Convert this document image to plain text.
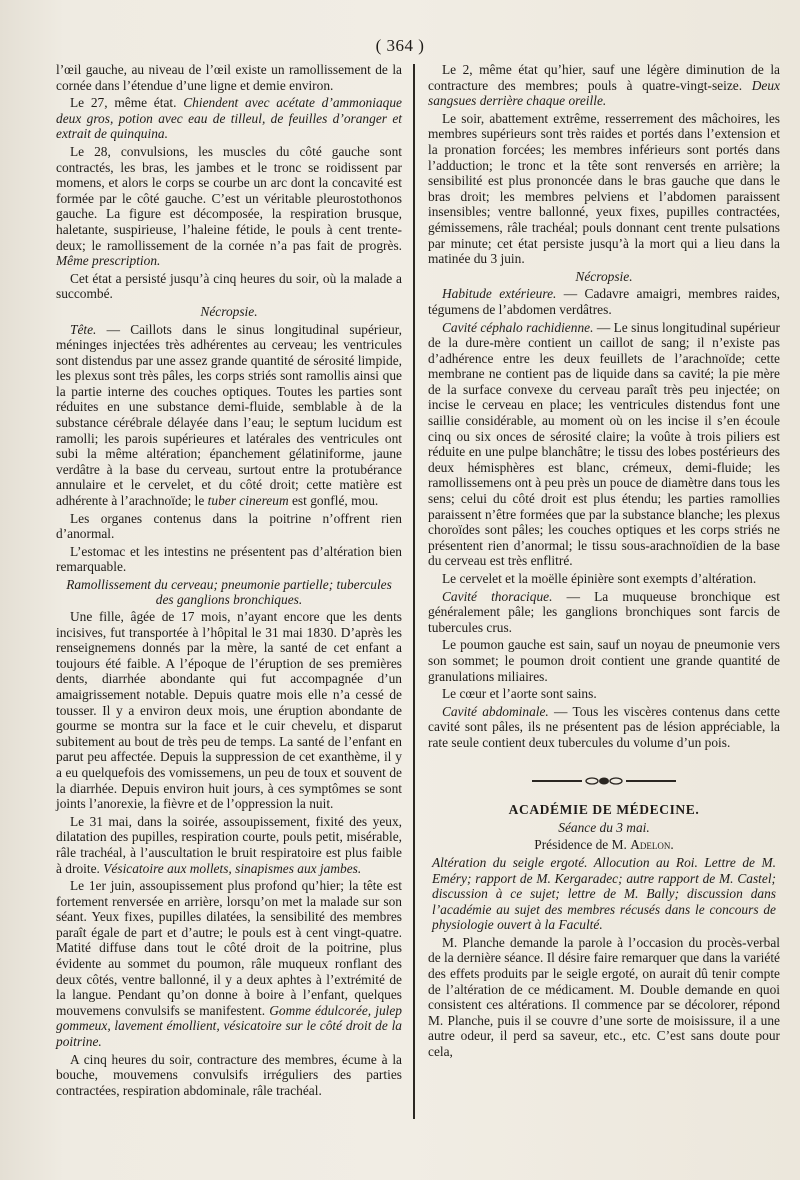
( 364 )

l’œil gauche, au niveau de l’œil existe un ramollissement de la cornée dans l’étendue d’une ligne et demie environ.

Le 27, même état. Chiendent avec acétate d’ammoniaque deux gros, potion avec eau de tilleul, de feuilles d’oranger et extrait de quinquina.

Le 28, convulsions, les muscles du côté gauche sont contractés, les bras, les jambes et le tronc se roidissent par momens, et alors le corps se courbe un arc dont la concavité est formée par le côté gauche. C’est un véritable pleurostothonos gauche. La figure est décomposée, la respiration brusque, haletante, suspirieuse, l’haleine fétide, le pouls à cent trente-deux; le ramollissement de la cornée n’a pas fait de progrès. Même prescription.

Cet état a persisté jusqu’à cinq heures du soir, où la malade a succombé.

Nécropsie.

Tête. — Caillots dans le sinus longitudinal supérieur, méninges injectées très adhérentes au cerveau; les ventricules sont distendus par une assez grande quantité de sérosité limpide, les plexus sont très pâles, les corps striés sont ramollis ainsi que la partie interne des couches optiques. Toutes les parties sont réduites en une substance demi-fluide, semblable à de la substance cérébrale délayée dans l’eau; le septum lucidum est ramolli; les parois supérieures et latérales des ventricules ont subi la même altération; épanchement gélatiniforme, jaune verdâtre à la base du cerveau, surtout entre la protubérance annulaire et le cervelet, et du côté droit; cette matière est adhérente à l’arachnoïde; le tuber cinereum est gonflé, mou.

Les organes contenus dans la poitrine n’offrent rien d’anormal.

L’estomac et les intestins ne présentent pas d’altération bien remarquable.

Ramollissement du cerveau; pneumonie partielle; tubercules des ganglions bronchiques.

Une fille, âgée de 17 mois, n’ayant encore que les dents incisives, fut transportée à l’hôpital le 31 mai 1830. D’après les renseignemens donnés par la mère, la santé de cet enfant a toujours été faible. A l’époque de l’éruption de ses premières dents, diarrhée abondante qui fut accompagnée d’un amaigrissement notable. Depuis quatre mois elle n’a cessé de tousser. Il y a environ deux mois, une éruption abondante de gourme se montra sur la face et le cuir chevelu, et disparut subitement au bout de très peu de temps. La santé de l’enfant en parut peu affectée. Depuis la suppression de cet exanthème, il y a eu quelquefois des vomissemens, un peu de toux et souvent de la diarrhée. Depuis environ huit jours, à ces symptômes se sont joints l’anorexie, la fièvre et de l’oppression la nuit.

Le 31 mai, dans la soirée, assoupissement, fixité des yeux, dilatation des pupilles, respiration courte, pouls petit, misérable, râle trachéal, à l’auscultation le bruit respiratoire est plus faible à droite. Vésicatoire aux mollets, sinapismes aux jambes.

Le 1er juin, assoupissement plus profond qu’hier; la tête est fortement renversée en arrière, lorsqu’on met la malade sur son séant. Yeux fixes, pupilles dilatées, la sensibilité des membres paraît égale de part et d’autre; le pouls est à cent vingt-quatre. Matité diffuse dans tout le côté droit de la poitrine, plus évidente au sommet du poumon, râle muqueux ronflant des deux côtés, ventre ballonné, il y a deux aphtes à l’extrémité de la langue. Pendant qu’on donne à boire à l’enfant, quelques mouvemens convulsifs se manifestent. Gomme édulcorée, julep gommeux, lavement émollient, vésicatoire sur le côté droit de la poitrine.

A cinq heures du soir, contracture des membres, écume à la bouche, mouvemens convulsifs irréguliers des parties contractées, respiration abdominale, râle trachéal.

Le 2, même état qu’hier, sauf une légère diminution de la contracture des membres; pouls à quatre-vingt-seize. Deux sangsues derrière chaque oreille.

Le soir, abattement extrême, resserrement des mâchoires, les membres supérieurs sont très raides et portés dans l’extension et la pronation forcées; les membres inférieurs sont portés dans l’adduction; le tronc et la tête sont renversés en arrière; la sensibilité est plus prononcée dans le bras gauche que dans le bras droit; les membres pelviens et l’abdomen paraissent insensibles; ventre ballonné, yeux fixes, pupilles contractées, gémissemens, râle trachéal; pouls donnant cent trente pulsations par minute; cet état persiste jusqu’à la mort qui a lieu dans la matinée du 3 juin.

Nécropsie.

Habitude extérieure. — Cadavre amaigri, membres raides, tégumens de l’abdomen verdâtres.

Cavité céphalo rachidienne. — Le sinus longitudinal supérieur de la dure-mère contient un caillot de sang; il n’existe pas d’adhérence entre les deux feuillets de l’arachnoïde; cette membrane ne contient pas de liquide dans sa cavité; la pie mère de la surface convexe du cerveau paraît très peu injectée; on incise le cerveau en place; les ventricules distendus font une saillie considérable, au moment où on les incise il s’en écoule cinq ou six onces de sérosité claire; la voûte à trois piliers est réduite en une pulpe blanchâtre; le tissu des lobes postérieurs des deux hémisphères est blanc, crémeux, demi-fluide; les ramollissemens ont à peu près un pouce de diamètre dans tous les sens; celui du côté droit est plus étendu; les parties ramollies paraissent n’être formées que par la substance blanche; les plexus choroïdes sont pâles; les couches optiques et les corps striés ne présentent rien d’anormal; le tissu sous-arachnoïdien de la base du cerveau est très enflitré.

Le cervelet et la moëlle épinière sont exempts d’altération.

Cavité thoracique. — La muqueuse bronchique est généralement pâle; les ganglions bronchiques sont farcis de tubercules crus.

Le poumon gauche est sain, sauf un noyau de pneumonie vers son sommet; le poumon droit contient une grande quantité de granulations miliaires.

Le cœur et l’aorte sont sains.

Cavité abdominale. — Tous les viscères contenus dans cette cavité sont pâles, ils ne présentent pas de lésion appréciable, la rate seule contient deux tubercules du volume d’un pois.

ACADÉMIE DE MÉDECINE.

Séance du 3 mai.

Présidence de M. Adelon.

Altération du seigle ergoté. Allocution au Roi. Lettre de M. Eméry; rapport de M. Kergaradec; autre rapport de M. Castel; discussion à ce sujet; lettre de M. Bally; discussion dans l’académie au sujet des membres récusés dans le concours de physiologie ouvert à la Faculté.

M. Planche demande la parole à l’occasion du procès-verbal de la dernière séance. Il désire faire remarquer que dans la variété des effets produits par le seigle ergoté, on aurait dû tenir compte de l’altération de ce médicament. M. Double demande en quoi consistent ces altérations. Il commence par se décolorer, répond M. Planche, puis il se couvre d’une sorte de moisissure, il a une autre odeur, il perd sa saveur, etc., etc. C’est sans doute pour cela,
